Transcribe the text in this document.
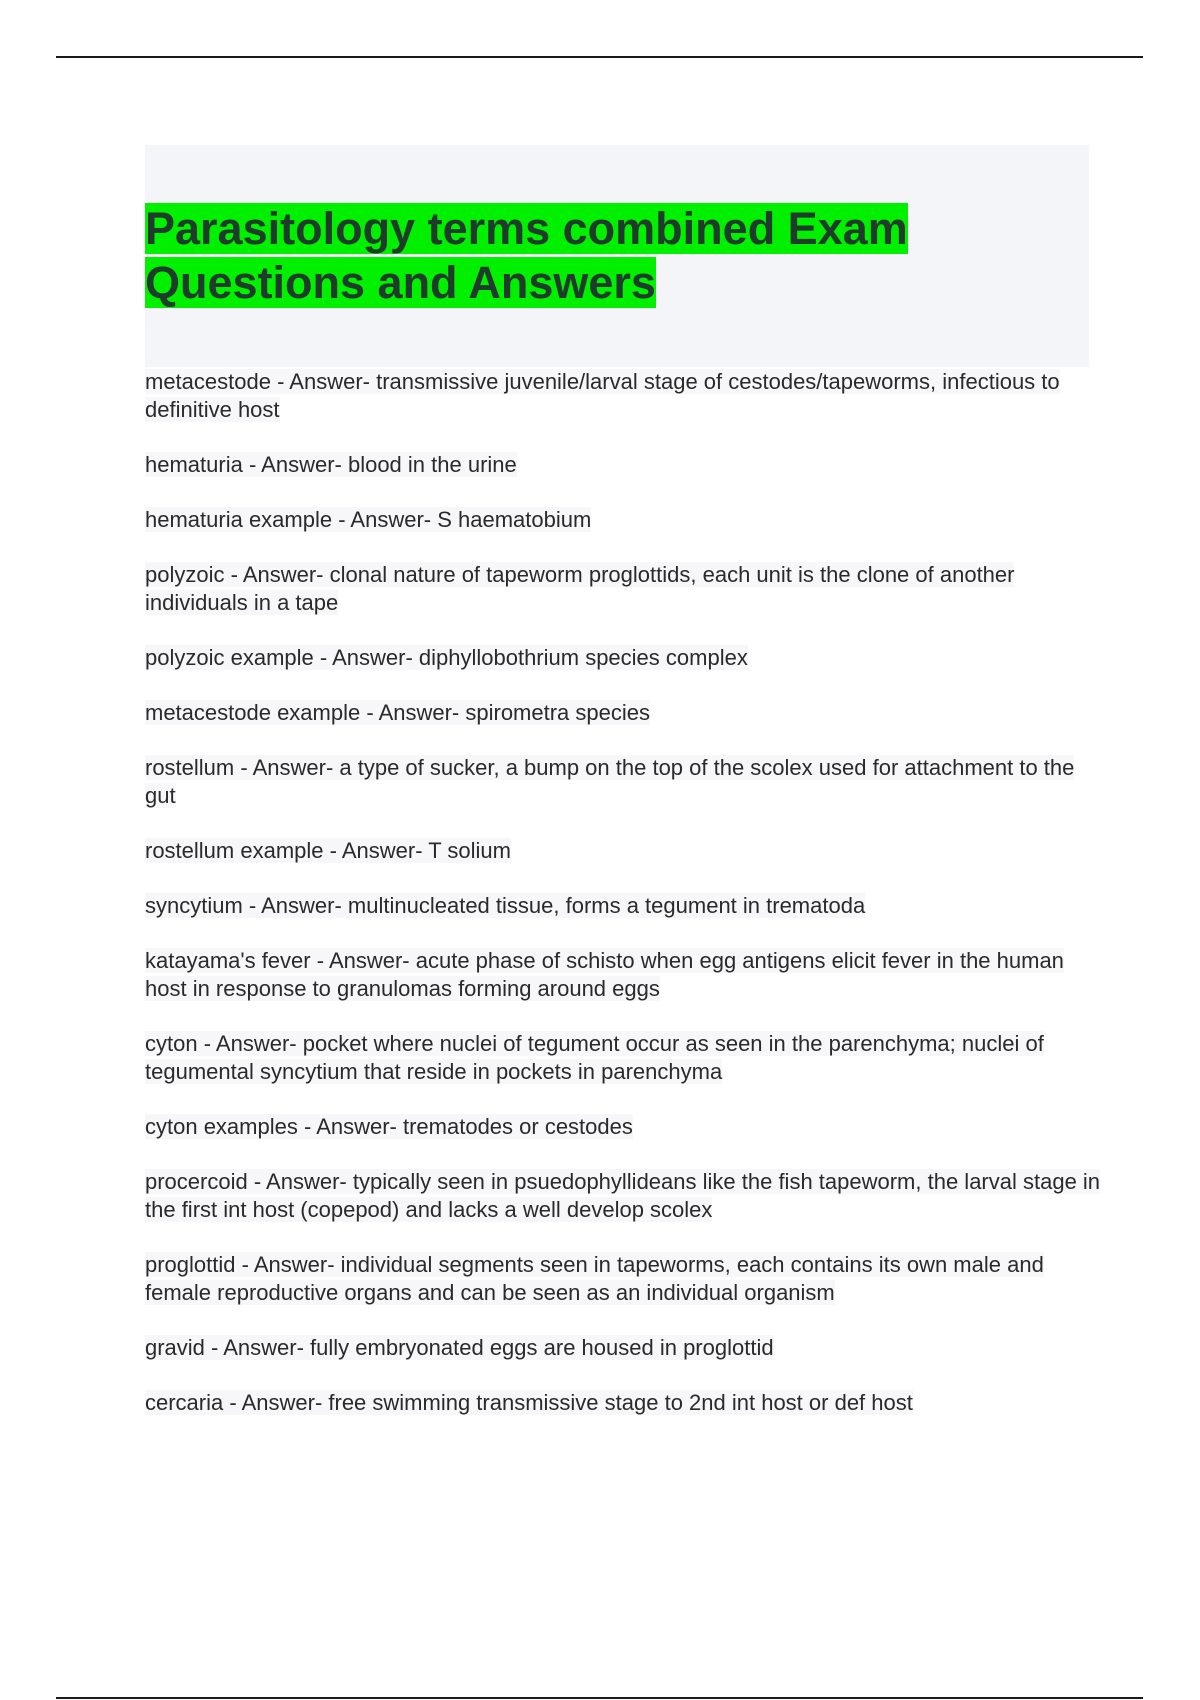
Parasitology terms combined Exam Questions and Answers
metacestode - Answer- transmissive juvenile/larval stage of cestodes/tapeworms, infectious to definitive host
hematuria - Answer- blood in the urine
hematuria example - Answer- S haematobium
polyzoic - Answer- clonal nature of tapeworm proglottids, each unit is the clone of another individuals in a tape
polyzoic example - Answer- diphyllobothrium species complex
metacestode example - Answer- spirometra species
rostellum - Answer- a type of sucker, a bump on the top of the scolex used for attachment to the gut
rostellum example - Answer- T solium
syncytium - Answer- multinucleated tissue, forms a tegument in trematoda
katayama's fever - Answer- acute phase of schisto when egg antigens elicit fever in the human host in response to granulomas forming around eggs
cyton - Answer- pocket where nuclei of tegument occur as seen in the parenchyma; nuclei of tegumental syncytium that reside in pockets in parenchyma
cyton examples - Answer- trematodes or cestodes
procercoid - Answer- typically seen in psuedophyllideans like the fish tapeworm, the larval stage in the first int host (copepod) and lacks a well develop scolex
proglottid - Answer- individual segments seen in tapeworms, each contains its own male and female reproductive organs and can be seen as an individual organism
gravid - Answer- fully embryonated eggs are housed in proglottid
cercaria - Answer- free swimming transmissive stage to 2nd int host or def host
